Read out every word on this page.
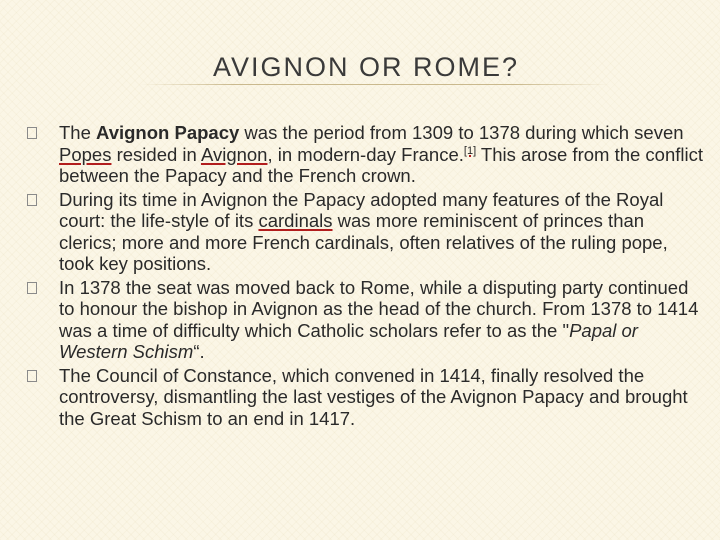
AVIGNON OR ROME?
The Avignon Papacy was the period from 1309 to 1378 during which seven Popes resided in Avignon, in modern-day France.[1] This arose from the conflict between the Papacy and the French crown.
During its time in Avignon the Papacy adopted many features of the Royal court: the life-style of its cardinals was more reminiscent of princes than clerics; more and more French cardinals, often relatives of the ruling pope, took key positions.
In 1378 the seat was moved back to Rome, while a disputing party continued to honour the bishop in Avignon as the head of the church. From 1378 to 1414 was a time of difficulty which Catholic scholars refer to as the "Papal or Western Schism“.
The Council of Constance, which convened in 1414, finally resolved the controversy, dismantling the last vestiges of the Avignon Papacy and brought the Great Schism to an end in 1417.
